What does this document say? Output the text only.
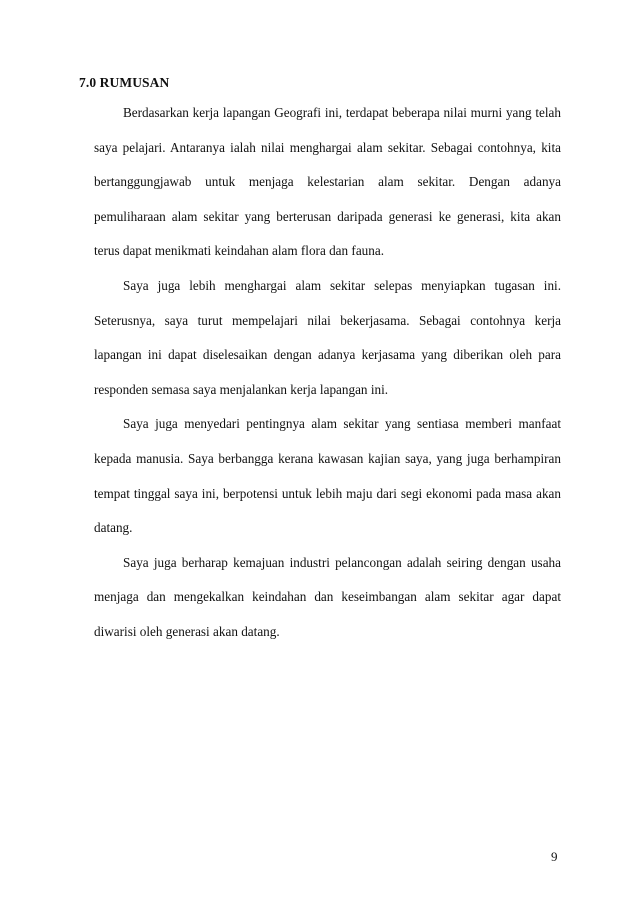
7.0 RUMUSAN

Berdasarkan kerja lapangan Geografi ini, terdapat beberapa nilai murni yang telah saya pelajari. Antaranya ialah nilai menghargai alam sekitar. Sebagai contohnya, kita bertanggungjawab untuk menjaga kelestarian alam sekitar. Dengan adanya pemuliharaan alam sekitar yang berterusan daripada generasi ke generasi, kita akan terus dapat menikmati keindahan alam flora dan fauna.

Saya juga lebih menghargai alam sekitar selepas menyiapkan tugasan ini. Seterusnya, saya turut mempelajari nilai bekerjasama. Sebagai contohnya kerja lapangan ini dapat diselesaikan dengan adanya kerjasama yang diberikan oleh para responden semasa saya menjalankan kerja lapangan ini.

Saya juga menyedari pentingnya alam sekitar yang sentiasa memberi manfaat kepada manusia. Saya berbangga kerana kawasan kajian saya, yang juga berhampiran tempat tinggal saya ini, berpotensi untuk lebih maju dari segi ekonomi pada masa akan datang.

Saya juga berharap kemajuan industri pelancongan adalah seiring dengan usaha menjaga dan mengekalkan keindahan dan keseimbangan alam sekitar agar dapat diwarisi oleh generasi akan datang.

9
